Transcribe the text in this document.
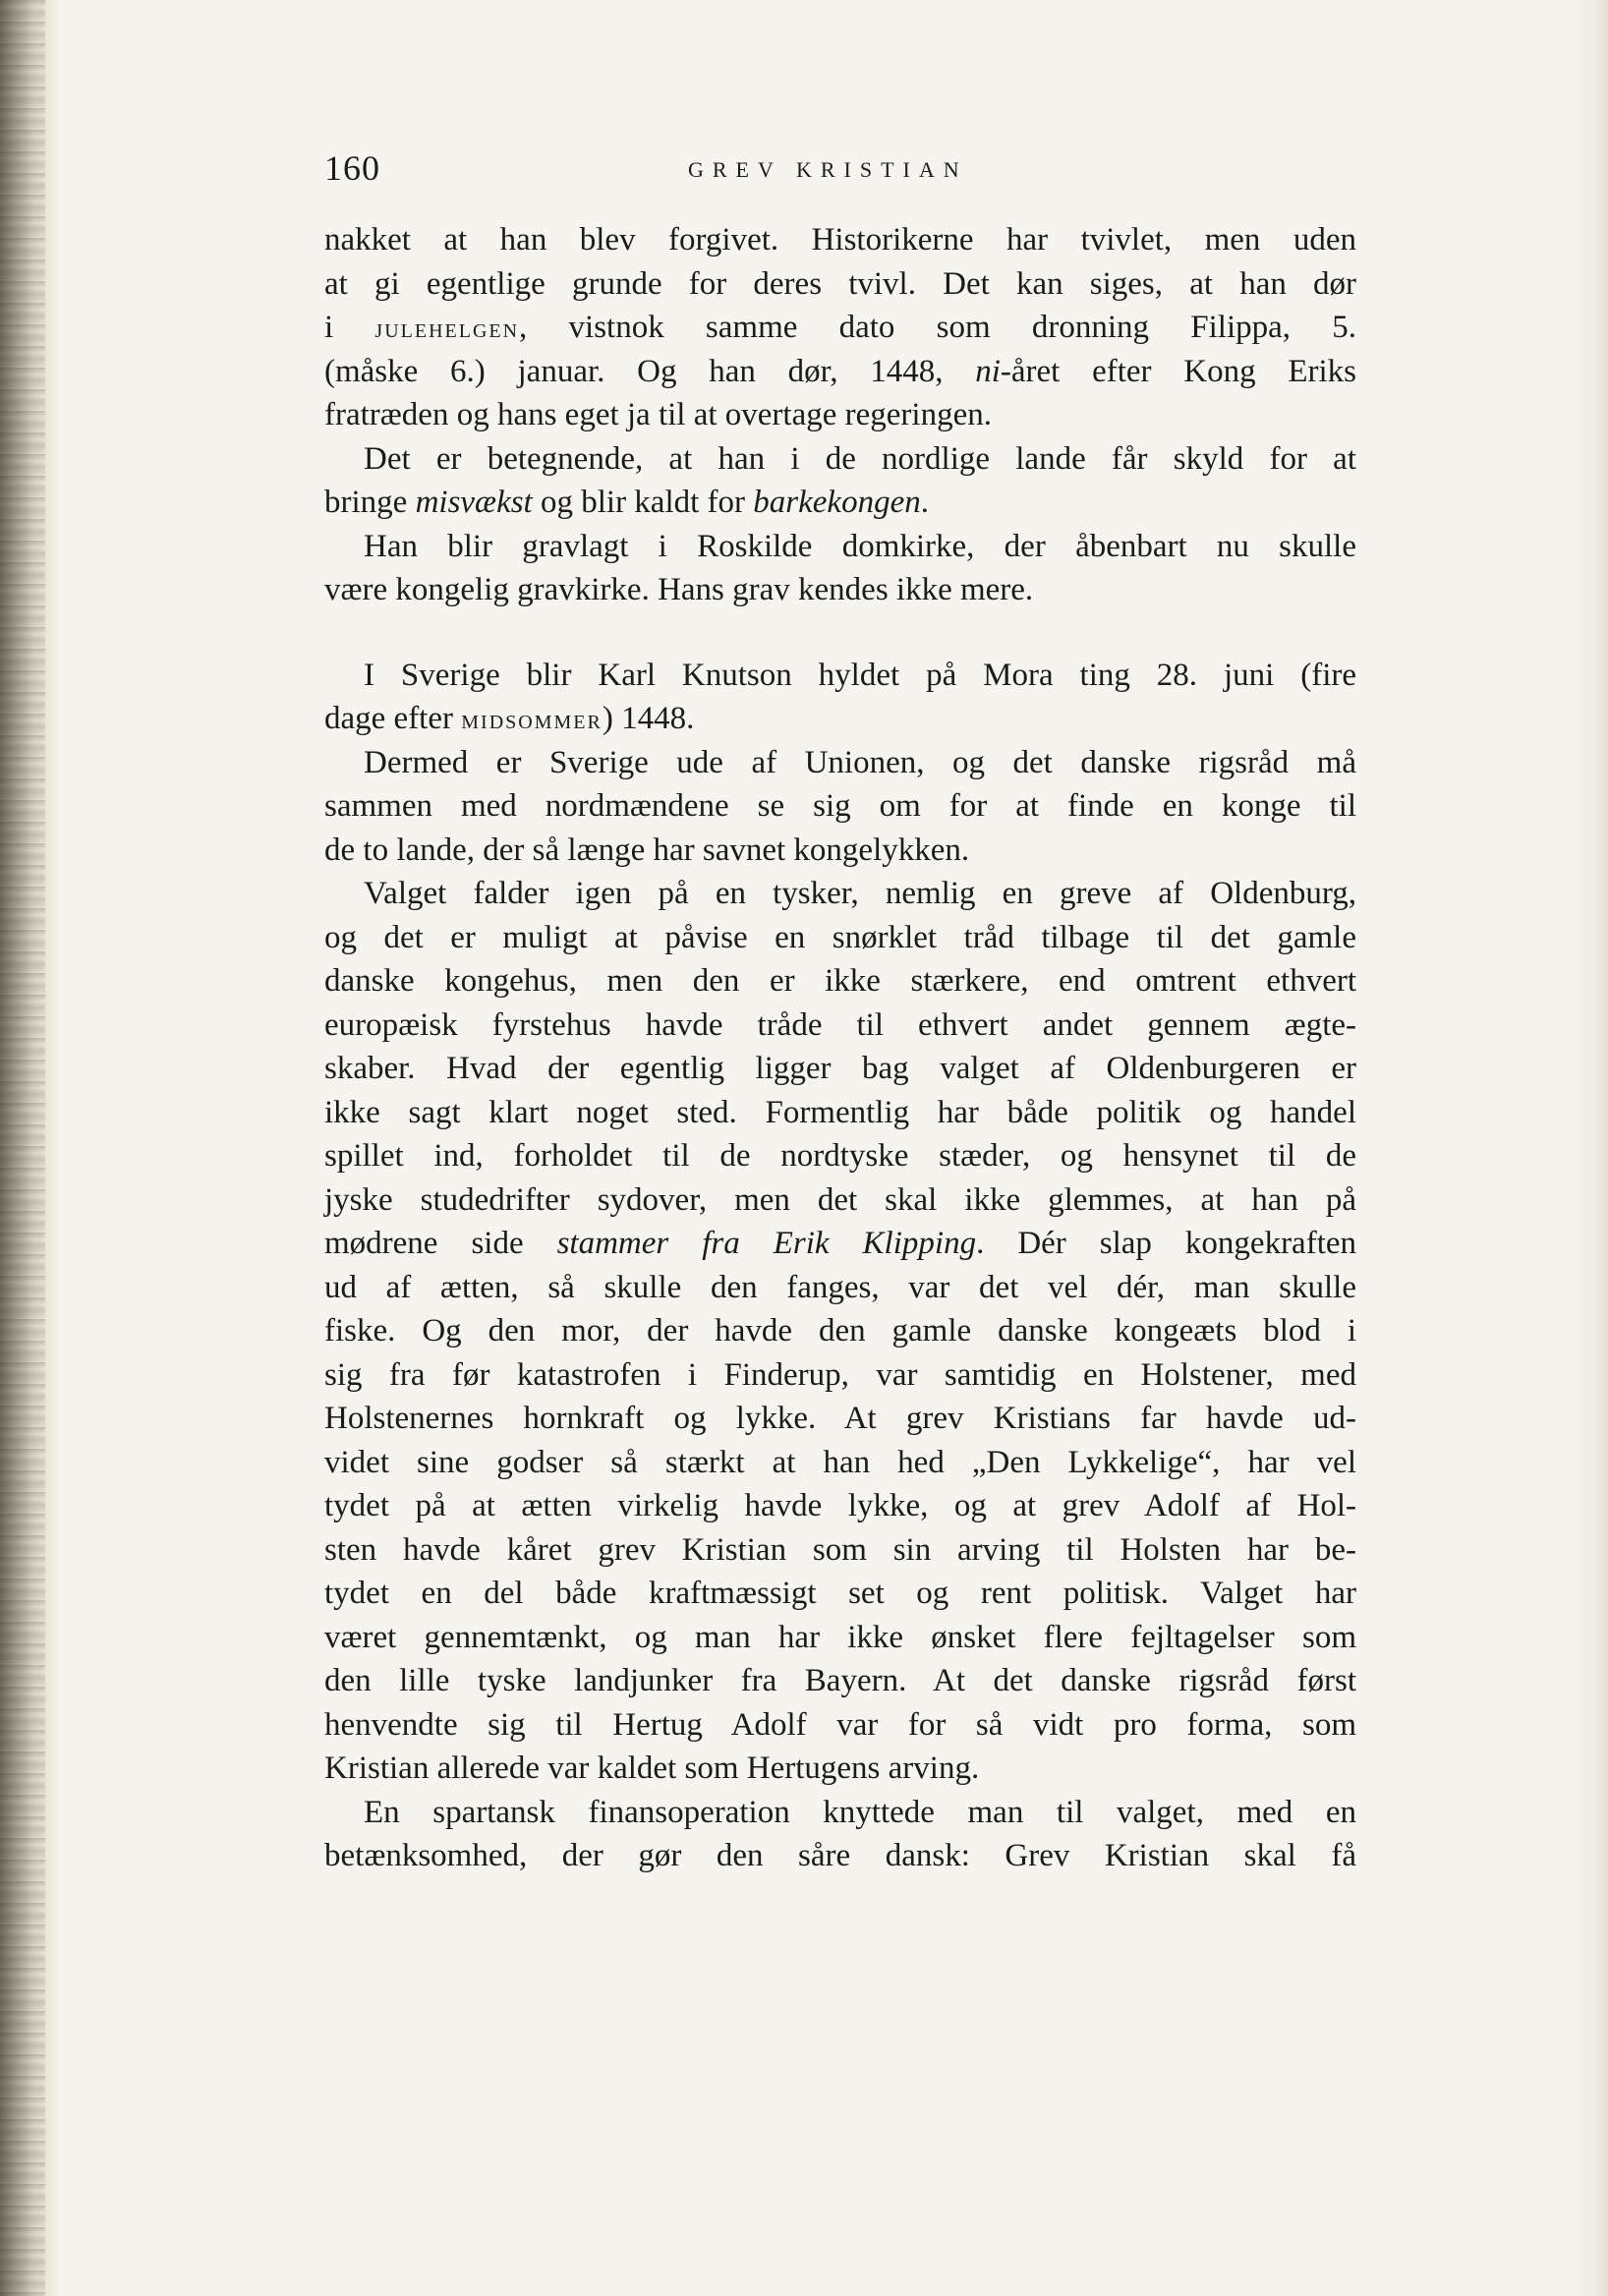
160	GREV KRISTIAN
nakket at han blev forgivet. Historikerne har tvivlet, men uden
at gi egentlige grunde for deres tvivl. Det kan siges, at han dør
i julehelgen, vistnok samme dato som dronning Filippa, 5.
(måske 6.) januar. Og han dør, 1448, ni-året efter Kong Eriks
fratræden og hans eget ja til at overtage regeringen.
Det er betegnende, at han i de nordlige lande får skyld for at
bringe misvækst og blir kaldt for barkekongen.
Han blir gravlagt i Roskilde domkirke, der åbenbart nu skulle
være kongelig gravkirke. Hans grav kendes ikke mere.
I Sverige blir Karl Knutson hyldet på Mora ting 28. juni (fire
dage efter midsommer) 1448.
Dermed er Sverige ude af Unionen, og det danske rigsråd må
sammen med nordmændene se sig om for at finde en konge til
de to lande, der så længe har savnet kongelykken.
Valget falder igen på en tysker, nemlig en greve af Oldenburg,
og det er muligt at påvise en snørklet tråd tilbage til det gamle
danske kongehus, men den er ikke stærkere, end omtrent ethvert
europæisk fyrstehus havde tråde til ethvert andet gennem ægte-
skaber. Hvad der egentlig ligger bag valget af Oldenburgeren er
ikke sagt klart noget sted. Formentlig har både politik og handel
spillet ind, forholdet til de nordtyske stæder, og hensynet til de
jyske studedrifter sydover, men det skal ikke glemmes, at han på
mødrene side stammer fra Erik Klipping. Dér slap kongekraften
ud af ætten, så skulle den fanges, var det vel dér, man skulle
fiske. Og den mor, der havde den gamle danske kongeæts blod i
sig fra før katastrofen i Finderup, var samtidig en Holstener, med
Holstenernes hornkraft og lykke. At grev Kristians far havde ud-
videt sine godser så stærkt at han hed „Den Lykkelige“, har vel
tydet på at ætten virkelig havde lykke, og at grev Adolf af Hol-
sten havde kåret grev Kristian som sin arving til Holsten har be-
tydet en del både kraftmæssigt set og rent politisk. Valget har
været gennemtænkt, og man har ikke ønsket flere fejltagelser som
den lille tyske landjunker fra Bayern. At det danske rigsråd først
henvendte sig til Hertug Adolf var for så vidt pro forma, som
Kristian allerede var kaldet som Hertugens arving.
En spartansk finansoperation knyttede man til valget, med en
betænksomhed, der gør den såre dansk: Grev Kristian skal få
